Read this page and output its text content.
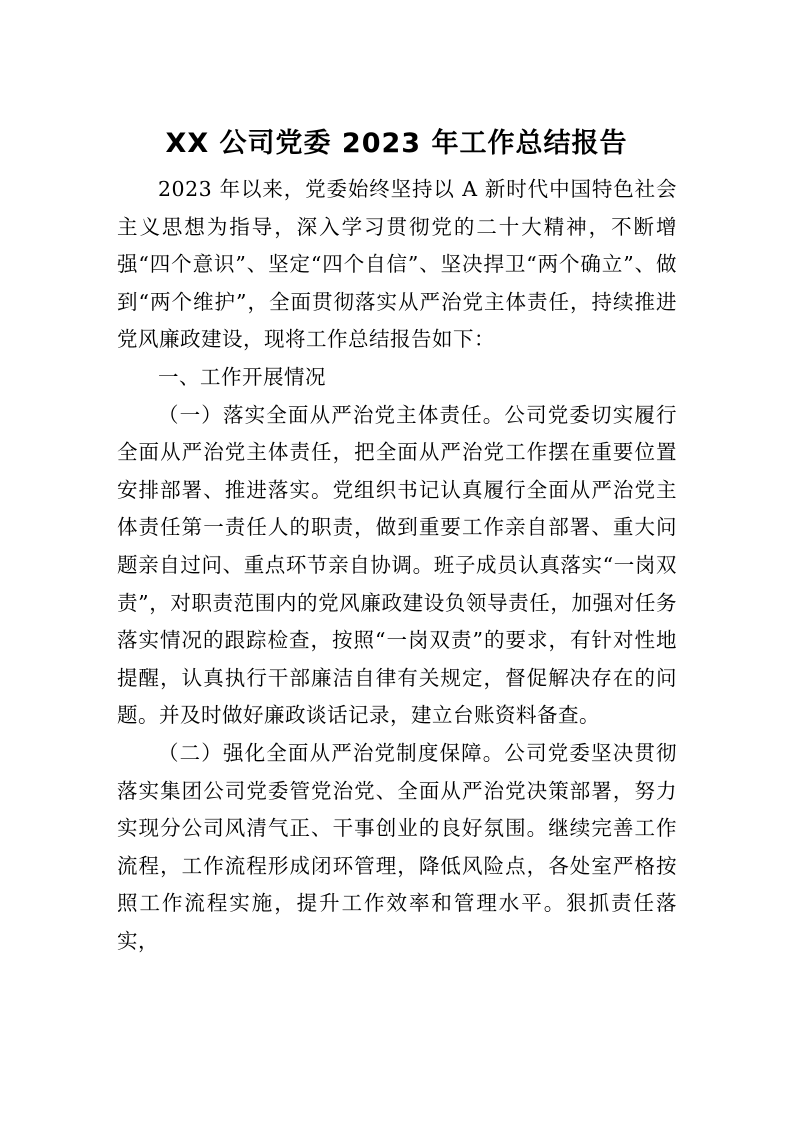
XX 公司党委 2023 年工作总结报告

2023 年以来，党委始终坚持以 A 新时代中国特色社会主义思想为指导，深入学习贯彻党的二十大精神，不断增强“四个意识”、坚定“四个自信”、坚决捍卫“两个确立”、做到“两个维护”，全面贯彻落实从严治党主体责任，持续推进党风廉政建设，现将工作总结报告如下：

一、工作开展情况

（一）落实全面从严治党主体责任。公司党委切实履行全面从严治党主体责任，把全面从严治党工作摆在重要位置安排部署、推进落实。党组织书记认真履行全面从严治党主体责任第一责任人的职责，做到重要工作亲自部署、重大问题亲自过问、重点环节亲自协调。班子成员认真落实“一岗双责”，对职责范围内的党风廉政建设负领导责任，加强对任务落实情况的跟踪检查，按照“一岗双责”的要求，有针对性地提醒，认真执行干部廉洁自律有关规定，督促解决存在的问题。并及时做好廉政谈话记录，建立台账资料备查。

（二）强化全面从严治党制度保障。公司党委坚决贯彻落实集团公司党委管党治党、全面从严治党决策部署，努力实现分公司风清气正、干事创业的良好氛围。继续完善工作流程，工作流程形成闭环管理，降低风险点，各处室严格按照工作流程实施，提升工作效率和管理水平。狠抓责任落实，
